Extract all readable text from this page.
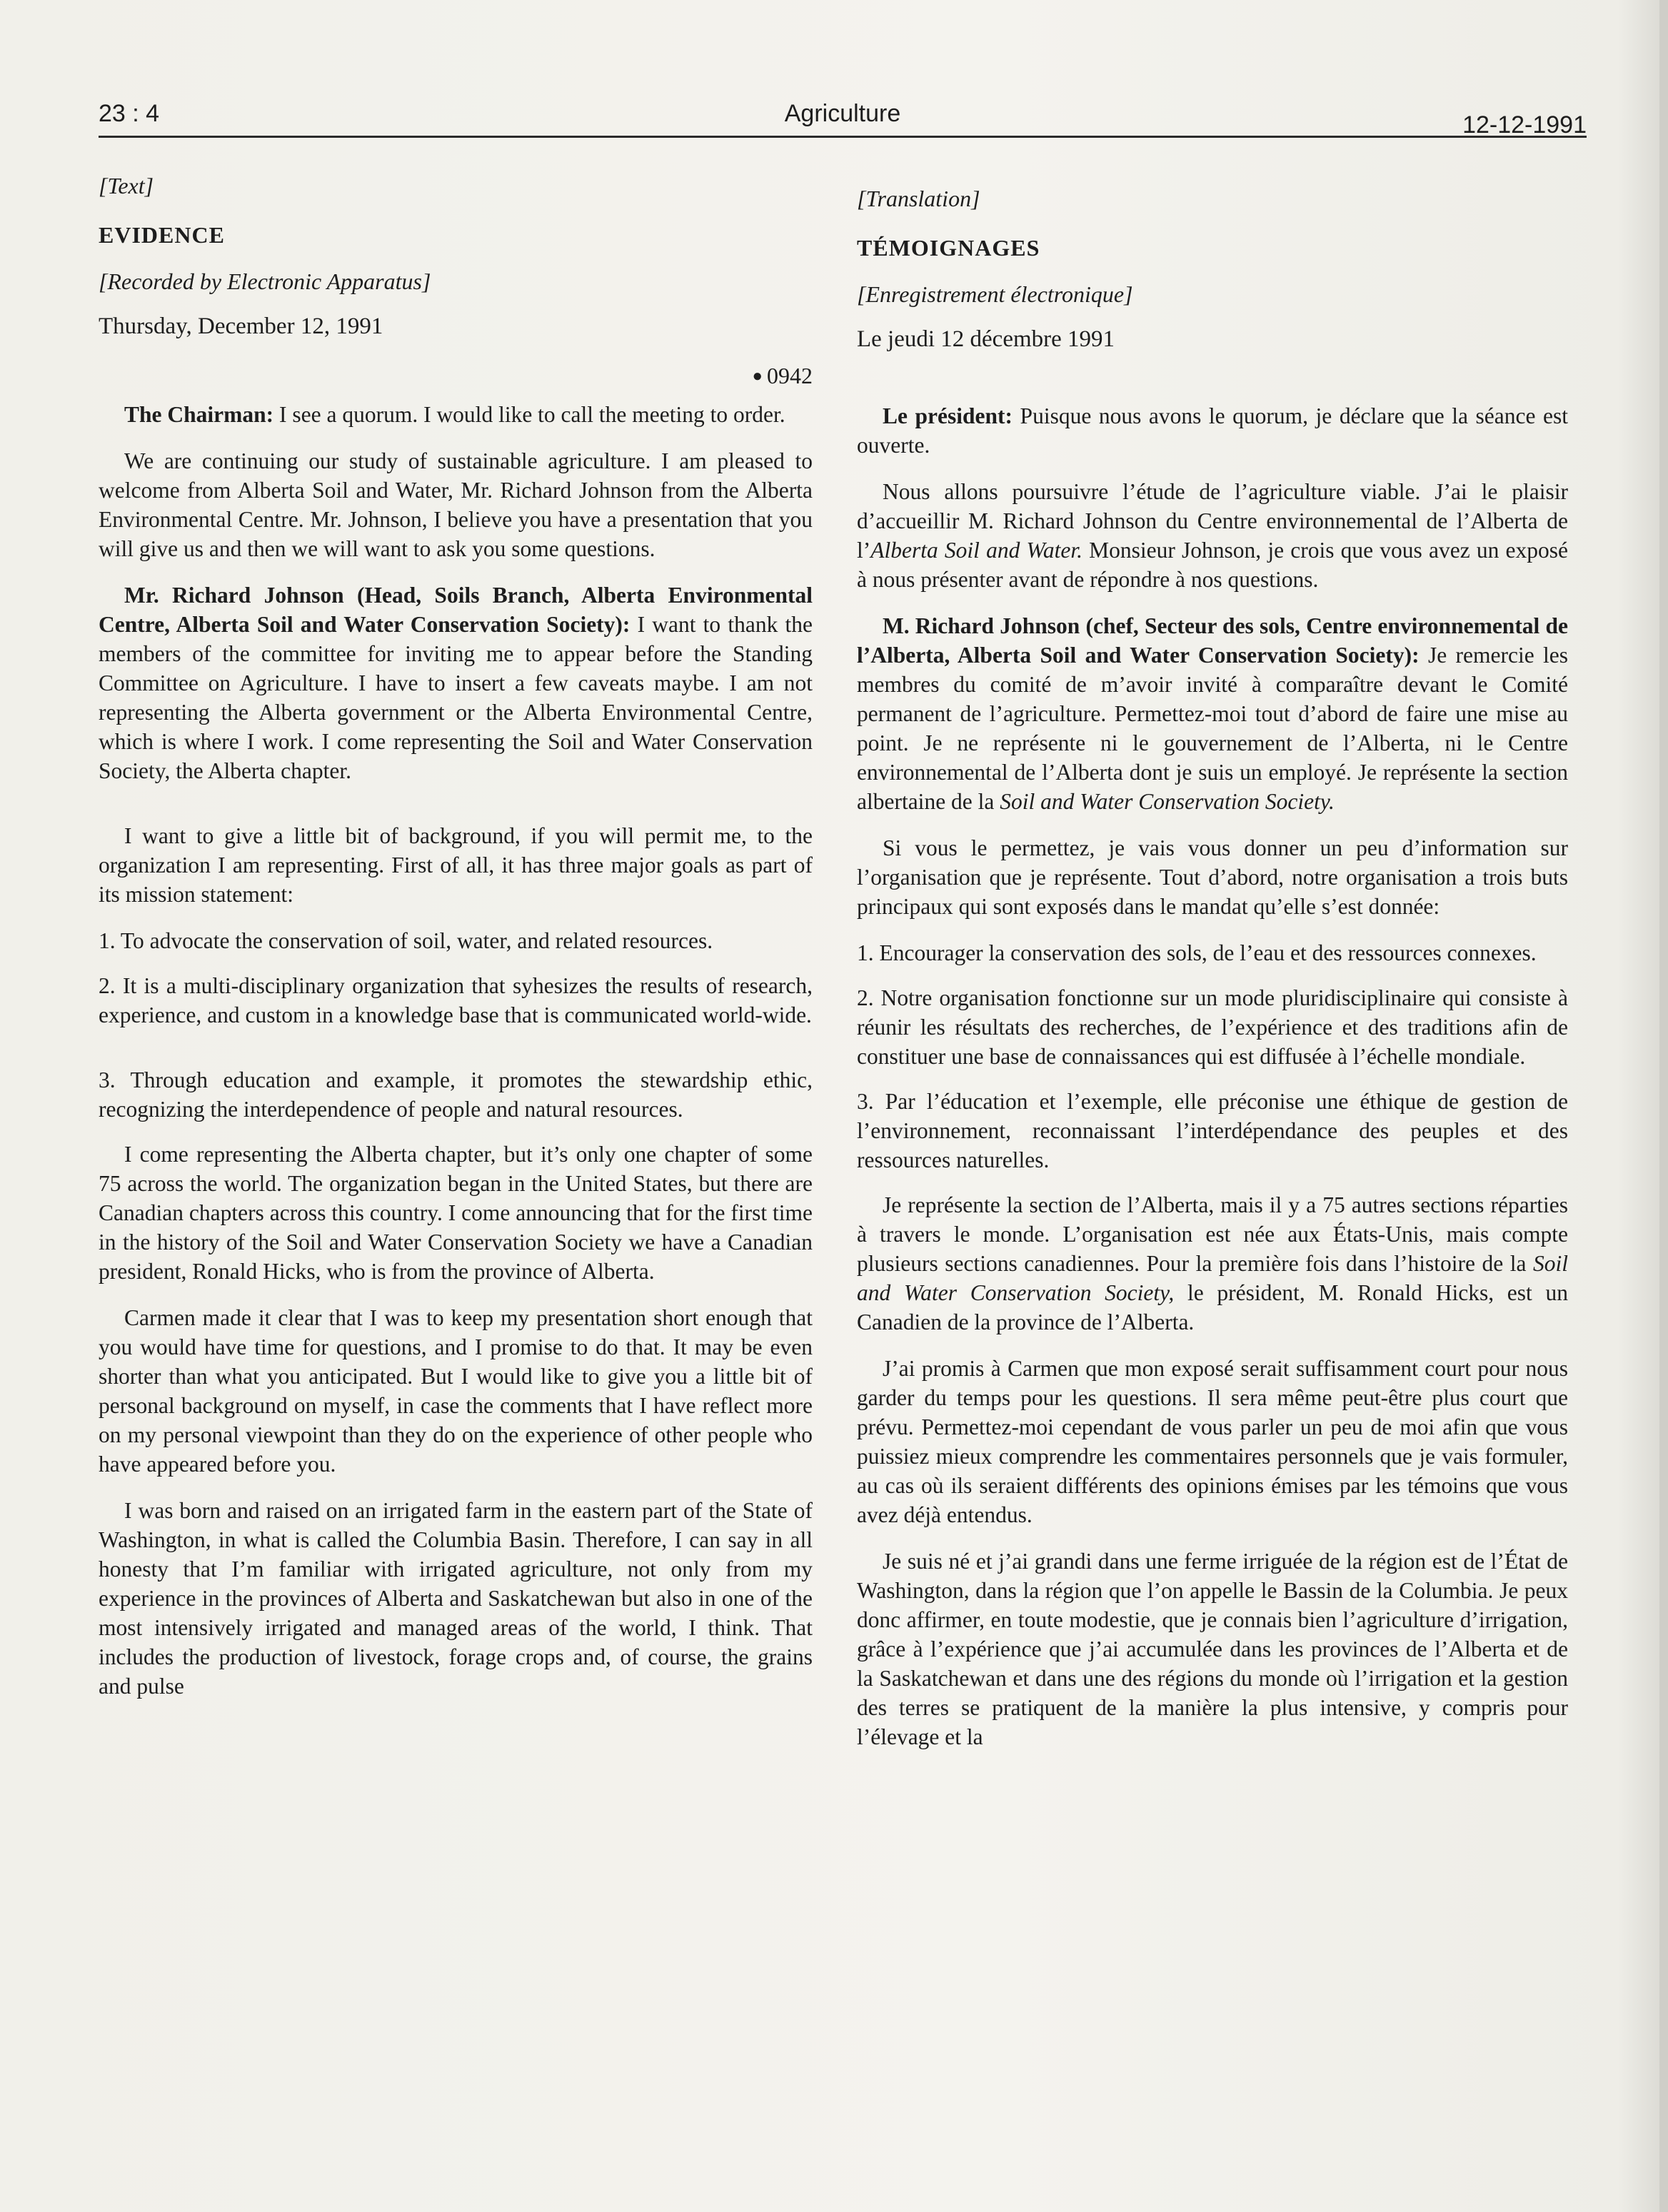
23 : 4	Agriculture	12-12-1991
[Text]
EVIDENCE
[Recorded by Electronic Apparatus]
Thursday, December 12, 1991
● 0942

The Chairman: I see a quorum. I would like to call the meeting to order.

We are continuing our study of sustainable agriculture. I am pleased to welcome from Alberta Soil and Water, Mr. Richard Johnson from the Alberta Environmental Centre. Mr. Johnson, I believe you have a presentation that you will give us and then we will want to ask you some questions.

Mr. Richard Johnson (Head, Soils Branch, Alberta Environmental Centre, Alberta Soil and Water Conservation Society): I want to thank the members of the committee for inviting me to appear before the Standing Committee on Agriculture. I have to insert a few caveats maybe. I am not representing the Alberta government or the Alberta Environmental Centre, which is where I work. I come representing the Soil and Water Conservation Society, the Alberta chapter.

I want to give a little bit of background, if you will permit me, to the organization I am representing. First of all, it has three major goals as part of its mission statement:

1. To advocate the conservation of soil, water, and related resources.

2. It is a multi-disciplinary organization that syhesizes the results of research, experience, and custom in a knowledge base that is communicated world-wide.

3. Through education and example, it promotes the stewardship ethic, recognizing the interdependence of people and natural resources.

I come representing the Alberta chapter, but it’s only one chapter of some 75 across the world. The organization began in the United States, but there are Canadian chapters across this country. I come announcing that for the first time in the history of the Soil and Water Conservation Society we have a Canadian president, Ronald Hicks, who is from the province of Alberta.

Carmen made it clear that I was to keep my presentation short enough that you would have time for questions, and I promise to do that. It may be even shorter than what you anticipated. But I would like to give you a little bit of personal background on myself, in case the comments that I have reflect more on my personal viewpoint than they do on the experience of other people who have appeared before you.

I was born and raised on an irrigated farm in the eastern part of the State of Washington, in what is called the Columbia Basin. Therefore, I can say in all honesty that I’m familiar with irrigated agriculture, not only from my experience in the provinces of Alberta and Saskatchewan but also in one of the most intensively irrigated and managed areas of the world, I think. That includes the production of livestock, forage crops and, of course, the grains and pulse

[Translation]
TÉMOIGNAGES
[Enregistrement électronique]
Le jeudi 12 décembre 1991

Le président: Puisque nous avons le quorum, je déclare que la séance est ouverte.

Nous allons poursuivre l’étude de l’agriculture viable. J’ai le plaisir d’accueillir M. Richard Johnson du Centre environnemental de l’Alberta de l’Alberta Soil and Water. Monsieur Johnson, je crois que vous avez un exposé à nous présenter avant de répondre à nos questions.

M. Richard Johnson (chef, Secteur des sols, Centre environnemental de l’Alberta, Alberta Soil and Water Conservation Society): Je remercie les membres du comité de m’avoir invité à comparaître devant le Comité permanent de l’agriculture. Permettez-moi tout d’abord de faire une mise au point. Je ne représente ni le gouvernement de l’Alberta, ni le Centre environnemental de l’Alberta dont je suis un employé. Je représente la section albertaine de la Soil and Water Conservation Society.

Si vous le permettez, je vais vous donner un peu d’information sur l’organisation que je représente. Tout d’abord, notre organisation a trois buts principaux qui sont exposés dans le mandat qu’elle s’est donnée:

1. Encourager la conservation des sols, de l’eau et des ressources connexes.

2. Notre organisation fonctionne sur un mode pluridisciplinaire qui consiste à réunir les résultats des recherches, de l’expérience et des traditions afin de constituer une base de connaissances qui est diffusée à l’échelle mondiale.

3. Par l’éducation et l’exemple, elle préconise une éthique de gestion de l’environnement, reconnaissant l’interdépendance des peuples et des ressources naturelles.

Je représente la section de l’Alberta, mais il y a 75 autres sections réparties à travers le monde. L’organisation est née aux États-Unis, mais compte plusieurs sections canadiennes. Pour la première fois dans l’histoire de la Soil and Water Conservation Society, le président, M. Ronald Hicks, est un Canadien de la province de l’Alberta.

J’ai promis à Carmen que mon exposé serait suffisamment court pour nous garder du temps pour les questions. Il sera même peut-être plus court que prévu. Permettez-moi cependant de vous parler un peu de moi afin que vous puissiez mieux comprendre les commentaires personnels que je vais formuler, au cas où ils seraient différents des opinions émises par les témoins que vous avez déjà entendus.

Je suis né et j’ai grandi dans une ferme irriguée de la région est de l’État de Washington, dans la région que l’on appelle le Bassin de la Columbia. Je peux donc affirmer, en toute modestie, que je connais bien l’agriculture d’irrigation, grâce à l’expérience que j’ai accumulée dans les provinces de l’Alberta et de la Saskatchewan et dans une des régions du monde où l’irrigation et la gestion des terres se pratiquent de la manière la plus intensive, y compris pour l’élevage et la
